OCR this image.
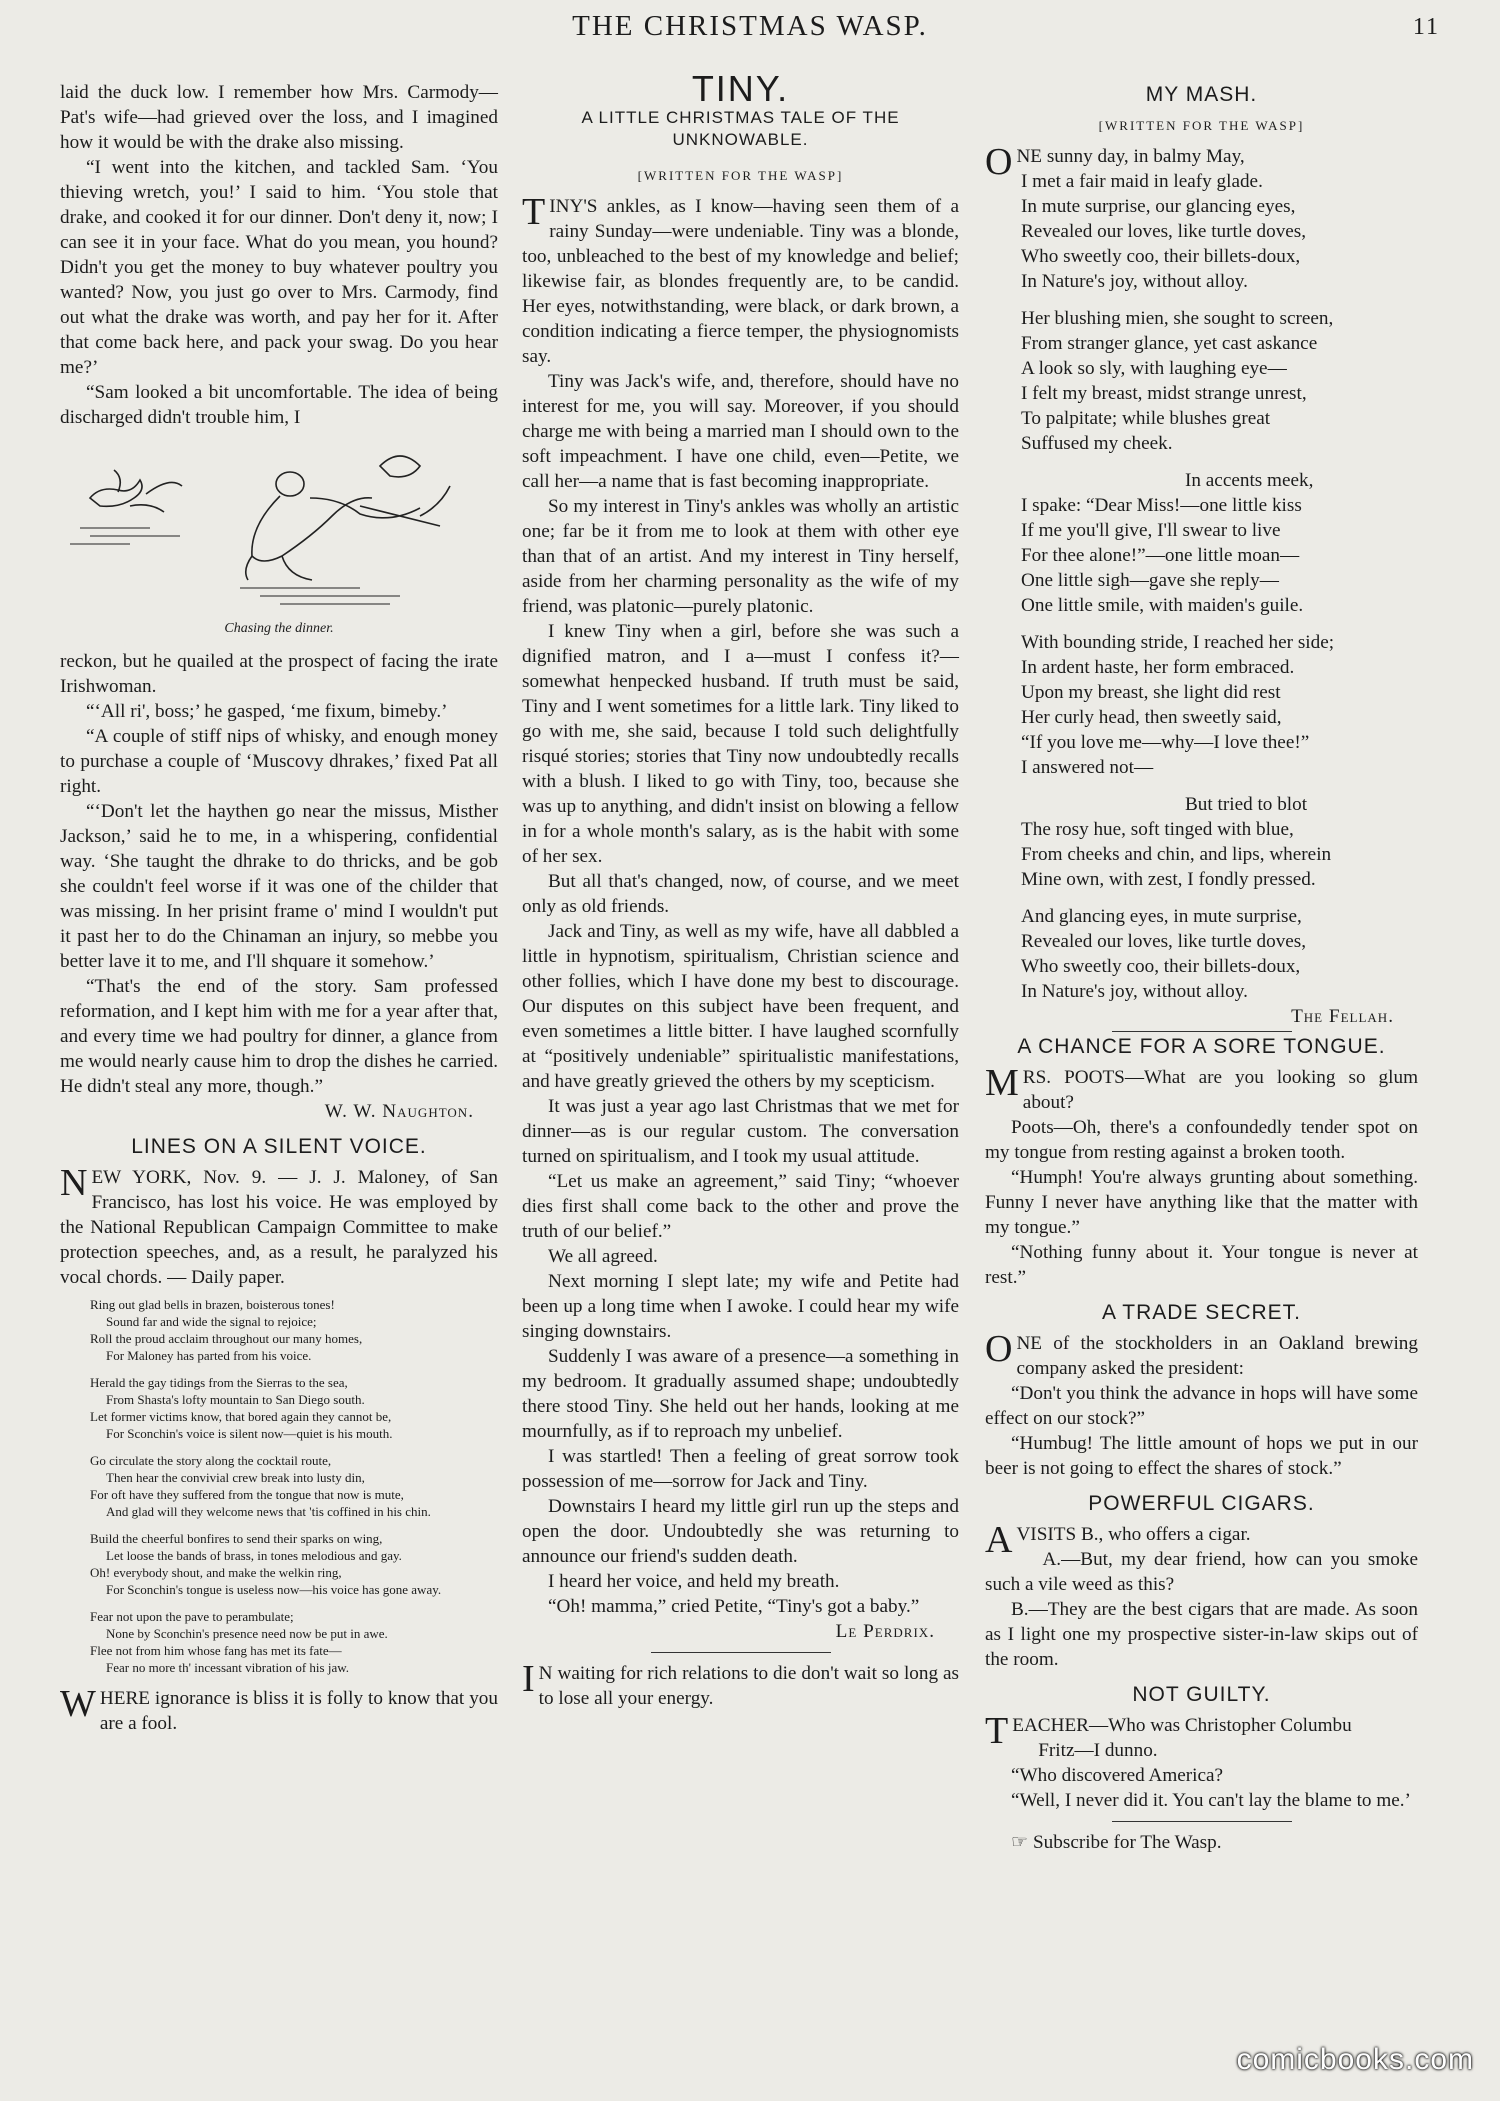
THE CHRISTMAS WASP.	11

laid the duck low. I remember how Mrs. Carmody—Pat's wife—had grieved over the loss, and I imagined how it would be with the drake also missing.

“I went into the kitchen, and tackled Sam. ‘You thieving wretch, you!’ I said to him. ‘You stole that drake, and cooked it for our dinner. Don't deny it, now; I can see it in your face. What do you mean, you hound? Didn't you get the money to buy whatever poultry you wanted? Now, you just go over to Mrs. Carmody, find out what the drake was worth, and pay her for it. After that come back here, and pack your swag. Do you hear me?’

“Sam looked a bit uncomfortable. The idea of being discharged didn't trouble him, I

Chasing the dinner.

reckon, but he quailed at the prospect of facing the irate Irishwoman.

“‘All ri', boss;’ he gasped, ‘me fixum, bimeby.’

“A couple of stiff nips of whisky, and enough money to purchase a couple of ‘Muscovy dhrakes,’ fixed Pat all right.

“‘Don't let the haythen go near the missus, Misther Jackson,’ said he to me, in a whispering, confidential way. ‘She taught the dhrake to do thricks, and be gob she couldn't feel worse if it was one of the childer that was missing. In her prisint frame o' mind I wouldn't put it past her to do the Chinaman an injury, so mebbe you better lave it to me, and I'll shquare it somehow.’

“That's the end of the story. Sam professed reformation, and I kept him with me for a year after that, and every time we had poultry for dinner, a glance from me would nearly cause him to drop the dishes he carried. He didn't steal any more, though.”

W. W. Naughton.
LINES ON A SILENT VOICE.

NEW YORK, Nov. 9. — J. J. Maloney, of San Francisco, has lost his voice. He was employed by the National Republican Campaign Committee to make protection speeches, and, as a result, he paralyzed his vocal chords. — Daily paper.

Ring out glad bells in brazen, boisterous tones!
Sound far and wide the signal to rejoice;
Roll the proud acclaim throughout our many homes,
For Maloney has parted from his voice.
Herald the gay tidings from the Sierras to the sea,
From Shasta's lofty mountain to San Diego south.
Let former victims know, that bored again they cannot be,
For Sconchin's voice is silent now—quiet is his mouth.
Go circulate the story along the cocktail route,
Then hear the convivial crew break into lusty din,
For oft have they suffered from the tongue that now is mute,
And glad will they welcome news that 'tis coffined in his chin.
Build the cheerful bonfires to send their sparks on wing,
Let loose the bands of brass, in tones melodious and gay.
Oh! everybody shout, and make the welkin ring,
For Sconchin's tongue is useless now—his voice has gone away.
Fear not upon the pave to perambulate;
None by Sconchin's presence need now be put in awe.
Flee not from him whose fang has met its fate—
Fear no more th' incessant vibration of his jaw.

WHERE ignorance is bliss it is folly to know that you are a fool.

TINY.
A LITTLE CHRISTMAS TALE OF THE UNKNOWABLE.
[WRITTEN FOR THE WASP]

TINY'S ankles, as I know—having seen them of a rainy Sunday—were undeniable. Tiny was a blonde, too, unbleached to the best of my knowledge and belief; likewise fair, as blondes frequently are, to be candid. Her eyes, notwithstanding, were black, or dark brown, a condition indicating a fierce temper, the physiognomists say.

Tiny was Jack's wife, and, therefore, should have no interest for me, you will say. Moreover, if you should charge me with being a married man I should own to the soft impeachment. I have one child, even—Petite, we call her—a name that is fast becoming inappropriate.

So my interest in Tiny's ankles was wholly an artistic one; far be it from me to look at them with other eye than that of an artist. And my interest in Tiny herself, aside from her charming personality as the wife of my friend, was platonic—purely platonic.

I knew Tiny when a girl, before she was such a dignified matron, and I a—must I confess it?—somewhat henpecked husband. If truth must be said, Tiny and I went sometimes for a little lark. Tiny liked to go with me, she said, because I told such delightfully risqué stories; stories that Tiny now undoubtedly recalls with a blush. I liked to go with Tiny, too, because she was up to anything, and didn't insist on blowing a fellow in for a whole month's salary, as is the habit with some of her sex.

But all that's changed, now, of course, and we meet only as old friends.

Jack and Tiny, as well as my wife, have all dabbled a little in hypnotism, spiritualism, Christian science and other follies, which I have done my best to discourage. Our disputes on this subject have been frequent, and even sometimes a little bitter. I have laughed scornfully at “positively undeniable” spiritualistic manifestations, and have greatly grieved the others by my scepticism.

It was just a year ago last Christmas that we met for dinner—as is our regular custom. The conversation turned on spiritualism, and I took my usual attitude.

“Let us make an agreement,” said Tiny; “whoever dies first shall come back to the other and prove the truth of our belief.”

We all agreed.

Next morning I slept late; my wife and Petite had been up a long time when I awoke. I could hear my wife singing downstairs.

Suddenly I was aware of a presence—a something in my bedroom. It gradually assumed shape; undoubtedly there stood Tiny. She held out her hands, looking at me mournfully, as if to reproach my unbelief.

I was startled! Then a feeling of great sorrow took possession of me—sorrow for Jack and Tiny.

Downstairs I heard my little girl run up the steps and open the door. Undoubtedly she was returning to announce our friend's sudden death.

I heard her voice, and held my breath.

“Oh! mamma,” cried Petite, “Tiny's got a baby.”

Le Perdrix.

I N waiting for rich relations to die don't wait so long as to lose all your energy.

MY MASH.
[WRITTEN FOR THE WASP]
ONE sunny day, in balmy May,
I met a fair maid in leafy glade.
In mute surprise, our glancing eyes,
Revealed our loves, like turtle doves,
Who sweetly coo, their billets-doux,
In Nature's joy, without alloy.
Her blushing mien, she sought to screen,
From stranger glance, yet cast askance
A look so sly, with laughing eye—
I felt my breast, midst strange unrest,
To palpitate; while blushes great
Suffused my cheek.
In accents meek,
I spake: “Dear Miss!—one little kiss
If me you'll give, I'll swear to live
For thee alone!”—one little moan—
One little sigh—gave she reply—
One little smile, with maiden's guile.
With bounding stride, I reached her side;
In ardent haste, her form embraced.
Upon my breast, she light did rest
Her curly head, then sweetly said,
“If you love me—why—I love thee!”
I answered not—
But tried to blot
The rosy hue, soft tinged with blue,
From cheeks and chin, and lips, wherein
Mine own, with zest, I fondly pressed.
And glancing eyes, in mute surprise,
Revealed our loves, like turtle doves,
Who sweetly coo, their billets-doux,
In Nature's joy, without alloy.
The Fellah.
A CHANCE FOR A SORE TONGUE.

MRS. POOTS—What are you looking so glum about?

Poots—Oh, there's a confoundedly tender spot on my tongue from resting against a broken tooth.

“Humph! You're always grunting about something. Funny I never have anything like that the matter with my tongue.”

“Nothing funny about it. Your tongue is never at rest.”

A TRADE SECRET.

ONE of the stockholders in an Oakland brewing company asked the president:

“Don't you think the advance in hops will have some effect on our stock?”

“Humbug! The little amount of hops we put in our beer is not going to effect the shares of stock.”

POWERFUL CIGARS.

AVISITS B., who offers a cigar.

A.—But, my dear friend, how can you smoke such a vile weed as this?

B.—They are the best cigars that are made. As soon as I light one my prospective sister-in-law skips out of the room.

NOT GUILTY.

TEACHER—Who was Christopher Columbu

Fritz—I dunno.

“Who discovered America?

“Well, I never did it. You can't lay the blame to me.’

☞ Subscribe for The Wasp.

comicbooks.com
